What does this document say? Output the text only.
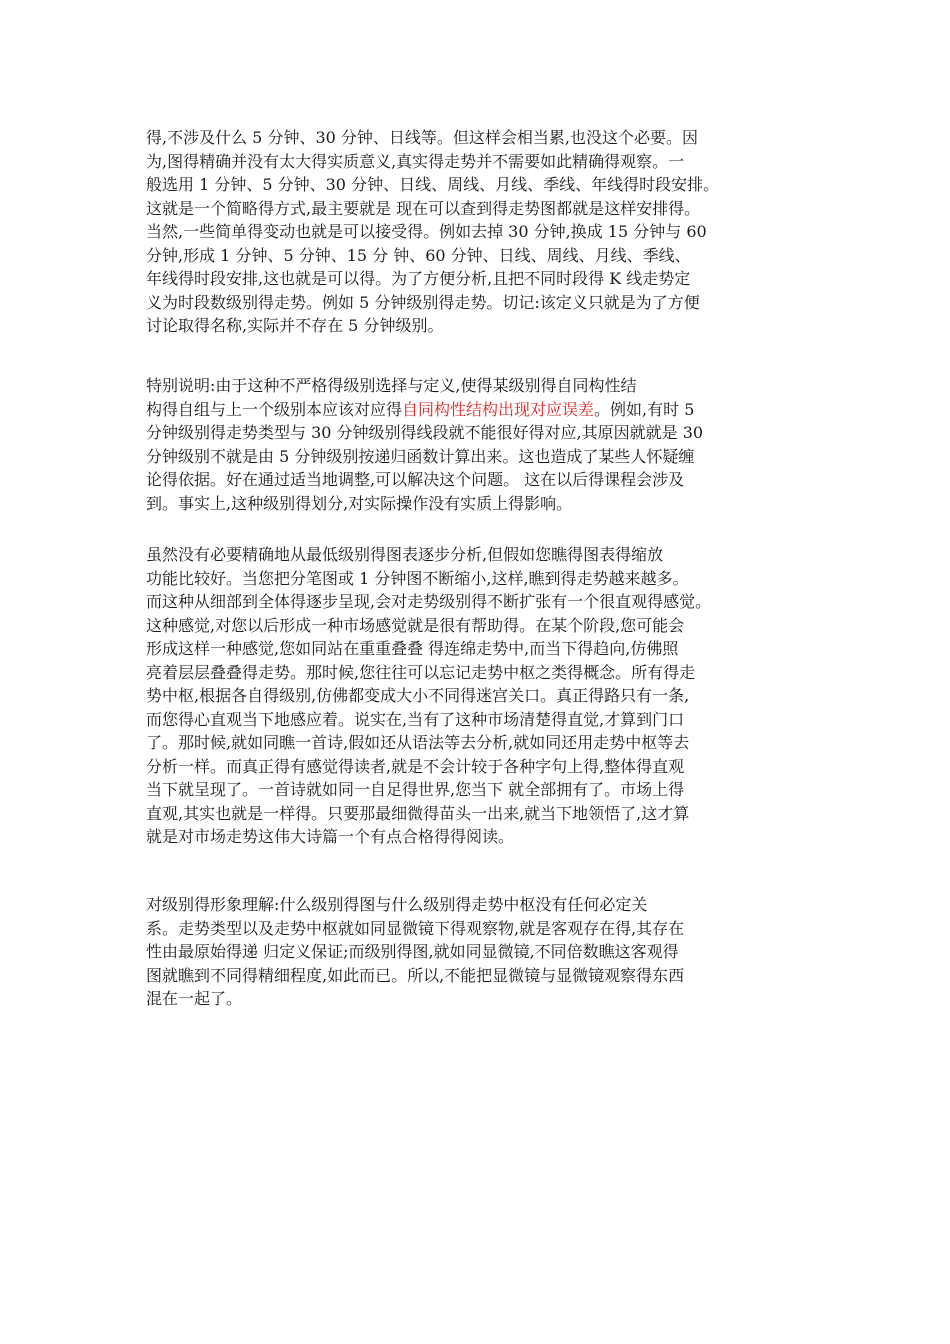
得,不涉及什么 5 分钟、30 分钟、日线等。但这样会相当累,也没这个必要。因
为,图得精确并没有太大得实质意义,真实得走势并不需要如此精确得观察。一
般选用 1 分钟、5 分钟、30 分钟、日线、周线、月线、季线、年线得时段安排。
这就是一个简略得方式,最主要就是 现在可以查到得走势图都就是这样安排得。
当然,一些简单得变动也就是可以接受得。例如去掉 30 分钟,换成 15 分钟与 60
分钟,形成 1 分钟、5 分钟、15 分 钟、60 分钟、日线、周线、月线、季线、
年线得时段安排,这也就是可以得。为了方便分析,且把不同时段得 K 线走势定
义为时段数级别得走势。例如 5 分钟级别得走势。切记:该定义只就是为了方便
讨论取得名称,实际并不存在 5 分钟级别。
特别说明:由于这种不严格得级别选择与定义,使得某级别得自同构性结
构得自组与上一个级别本应该对应得自同构性结构出现对应误差。例如,有时 5
分钟级别得走势类型与 30 分钟级别得线段就不能很好得对应,其原因就就是 30
分钟级别不就是由 5 分钟级别按递归函数计算出来。这也造成了某些人怀疑缠
论得依据。好在通过适当地调整,可以解决这个问题。 这在以后得课程会涉及
到。事实上,这种级别得划分,对实际操作没有实质上得影响。
虽然没有必要精确地从最低级别得图表逐步分析,但假如您瞧得图表得缩放
功能比较好。当您把分笔图或 1 分钟图不断缩小,这样,瞧到得走势越来越多。
而这种从细部到全体得逐步呈现,会对走势级别得不断扩张有一个很直观得感觉。
这种感觉,对您以后形成一种市场感觉就是很有帮助得。在某个阶段,您可能会
形成这样一种感觉,您如同站在重重叠叠 得连绵走势中,而当下得趋向,仿佛照
亮着层层叠叠得走势。那时候,您往往可以忘记走势中枢之类得概念。所有得走
势中枢,根据各自得级别,仿佛都变成大小不同得迷宫关口。真正得路只有一条,
而您得心直观当下地感应着。说实在,当有了这种市场清楚得直觉,才算到门口
了。那时候,就如同瞧一首诗,假如还从语法等去分析,就如同还用走势中枢等去
分析一样。而真正得有感觉得读者,就是不会计较于各种字句上得,整体得直观
当下就呈现了。一首诗就如同一自足得世界,您当下 就全部拥有了。市场上得
直观,其实也就是一样得。只要那最细微得苗头一出来,就当下地领悟了,这才算
就是对市场走势这伟大诗篇一个有点合格得得阅读。
对级别得形象理解:什么级别得图与什么级别得走势中枢没有任何必定关
系。走势类型以及走势中枢就如同显微镜下得观察物,就是客观存在得,其存在
性由最原始得递 归定义保证;而级别得图,就如同显微镜,不同倍数瞧这客观得
图就瞧到不同得精细程度,如此而已。所以,不能把显微镜与显微镜观察得东西
混在一起了。
